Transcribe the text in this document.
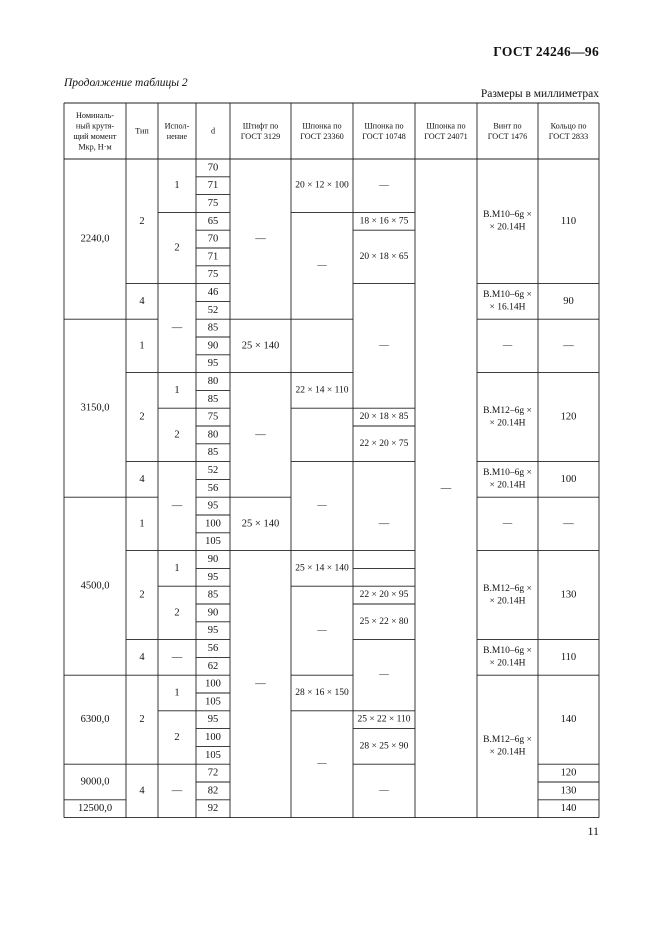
ГОСТ 24246—96
Продолжение таблицы 2
Размеры в миллиметрах
11
Номиналь-
ный крутя-
щий момент
Mкр, Н·м
Тип
Испол-
нение
d
Штифт по
ГОСТ 3129
Шпонка по
ГОСТ 23360
Шпонка по
ГОСТ 10748
Шпонка по
ГОСТ 24071
Винт по
ГОСТ 1476
Кольцо по
ГОСТ 2833
70
71
75
65
70
71
75
46
52
85
90
95
80
85
75
80
85
52
56
95
100
105
90
95
85
90
95
56
62
100
105
95
100
105
72
82
92
2240,0
3150,0
4500,0
6300,0
9000,0
12500,0
2
4
1
2
4
1
2
4
2
4
1
2
—
1
2
—
1
2
—
1
2
—
—
25 × 140
—
25 × 140
—
20 × 12 × 100
—
22 × 14 × 110
—
25 × 14 × 140
—
28 × 16 × 150
—
—
18 × 16 × 75
20 × 18 × 65
—
20 × 18 × 85
22 × 20 × 75
22 × 20 × 95
25 × 22 × 80
—
25 × 22 × 110
28 × 25 × 90
—
—
—
В.М10–6g ×
× 20.14Н
В.М10–6g ×
× 16.14Н
—
В.М12–6g ×
× 20.14Н
В.М10–6g ×
× 20.14Н
—
В.М12–6g ×
× 20.14Н
В.М10–6g ×
× 20.14Н
В.М12–6g ×
× 20.14Н
110
90
—
120
100
—
130
110
140
120
130
140
